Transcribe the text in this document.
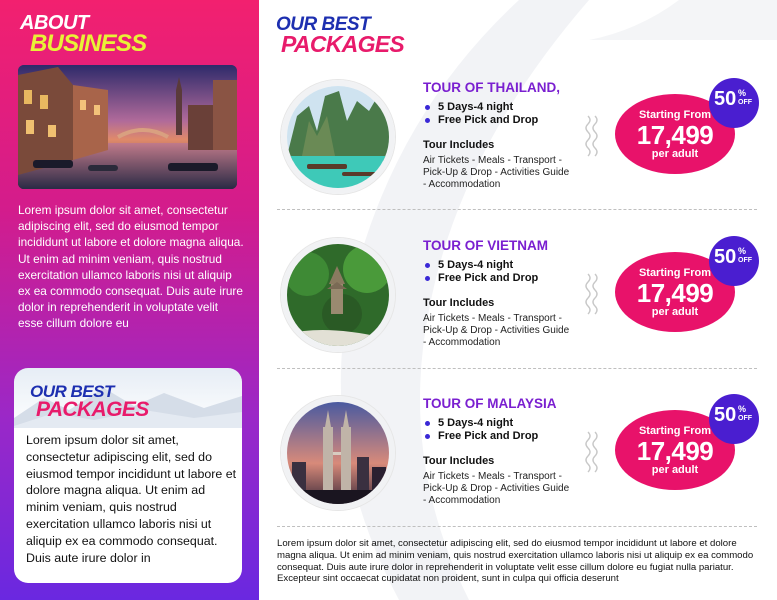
ABOUT
BUSINESS

Lorem ipsum dolor sit amet, consectetur adipiscing elit, sed do eiusmod tempor incididunt ut labore et dolore magna aliqua. Ut enim ad minim veniam, quis nostrud exercitation ullamco laboris nisi ut aliquip ex ea commodo consequat. Duis aute irure dolor in reprehenderit in voluptate velit esse cillum dolore eu

OUR BEST
PACKAGES

Lorem ipsum dolor sit amet, consectetur adipiscing elit, sed do eiusmod tempor incididunt ut labore et dolore magna aliqua. Ut enim ad minim veniam, quis nostrud exercitation ullamco laboris nisi ut aliquip ex ea commodo consequat. Duis aute irure dolor in

OUR BEST
PACKAGES
TOUR OF THAILAND,
5 Days-4 night
Free Pick and Drop
Tour Includes
Air Tickets - Meals - Transport - Pick-Up & Drop - Activities Guide - Accommodation
Starting From
17,499
per adult
50 %
OFF
TOUR OF VIETNAM
5 Days-4 night
Free Pick and Drop
Tour Includes
Air Tickets - Meals - Transport - Pick-Up & Drop - Activities Guide - Accommodation
Starting From
17,499
per adult
50 %
OFF
TOUR OF MALAYSIA
5 Days-4 night
Free Pick and Drop
Tour Includes
Air Tickets - Meals - Transport - Pick-Up & Drop - Activities Guide - Accommodation
Starting From
17,499
per adult
50 %
OFF

Lorem ipsum dolor sit amet, consectetur adipiscing elit, sed do eiusmod tempor incididunt ut labore et dolore magna aliqua. Ut enim ad minim veniam, quis nostrud exercitation ullamco laboris nisi ut aliquip ex ea commodo consequat. Duis aute irure dolor in reprehenderit in voluptate velit esse cillum dolore eu fugiat nulla pariatur. Excepteur sint occaecat cupidatat non proident, sunt in culpa qui officia deserunt
